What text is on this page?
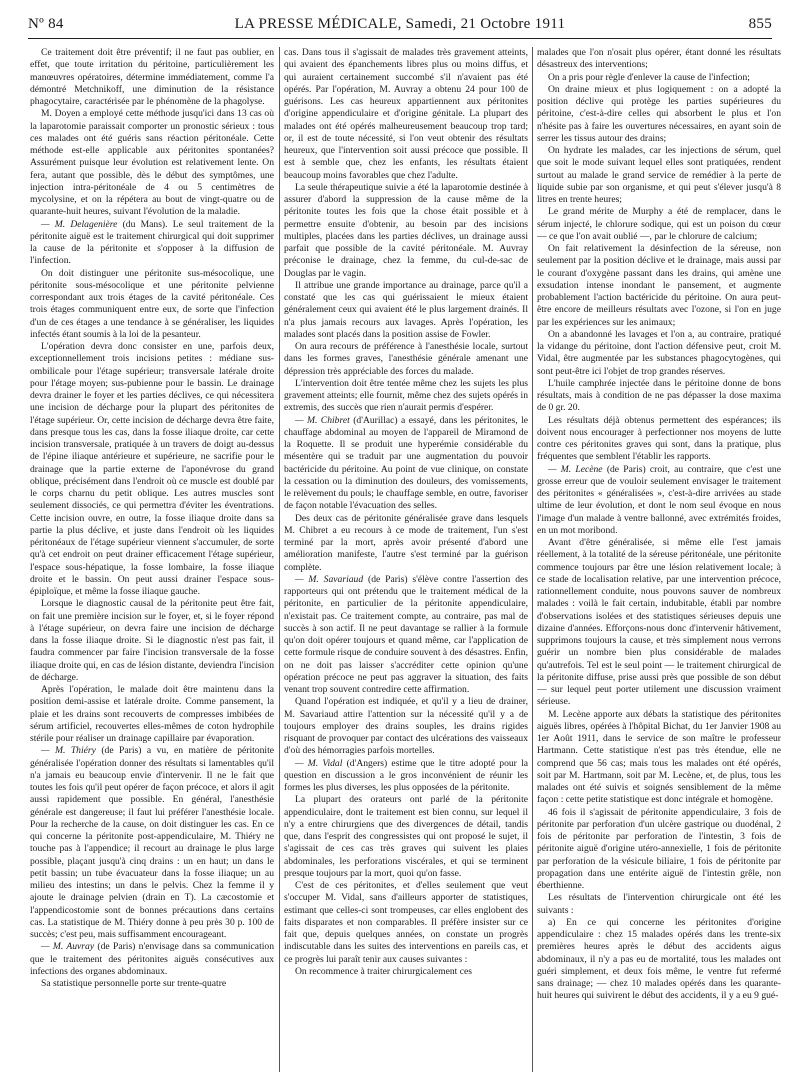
Nº 84	LA PRESSE MÉDICALE, Samedi, 21 Octobre 1911	855

Ce traitement doit être préventif; il ne faut pas oublier, en effet, que toute irritation du péritoine, particulièrement les manœuvres opératoires, détermine immédiatement, comme l'a démontré Metchnikoff, une diminution de la résistance phagocytaire, caractérisée par le phénomène de la phagolyse.

M. Doyen a employé cette méthode jusqu'ici dans 13 cas où la laparotomie paraissait comporter un pronostic sérieux : tous ces malades ont été guéris sans réaction péritonéale. Cette méthode est-elle applicable aux péritonites spontanées? Assurément puisque leur évolution est relativement lente. On fera, autant que possible, dès le début des symptômes, une injection intra-péritonéale de 4 ou 5 centimètres de mycolysine, et on la répétera au bout de vingt-quatre ou de quarante-huit heures, suivant l'évolution de la maladie.

— M. Delagenière (du Mans). Le seul traitement de la péritonite aiguë est le traitement chirurgical qui doit supprimer la cause de la péritonite et s'opposer à la diffusion de l'infection.

On doit distinguer une péritonite sus-mésocolique, une péritonite sous-mésocolique et une péritonite pelvienne correspondant aux trois étages de la cavité péritonéale. Ces trois étages communiquent entre eux, de sorte que l'infection d'un de ces étages a une tendance à se généraliser, les liquides infectés étant soumis à la loi de la pesanteur.

L'opération devra donc consister en une, parfois deux, exceptionnellement trois incisions petites : médiane sus-ombilicale pour l'étage supérieur; transversale latérale droite pour l'étage moyen; sus-pubienne pour le bassin. Le drainage devra drainer le foyer et les parties déclives, ce qui nécessitera une incision de décharge pour la plupart des péritonites de l'étage supérieur. Or, cette incision de décharge devra être faite, dans presque tous les cas, dans la fosse iliaque droite, car cette incision transversale, pratiquée à un travers de doigt au-dessus de l'épine iliaque antérieure et supérieure, ne sacrifie pour le drainage que la partie externe de l'aponévrose du grand oblique, précisément dans l'endroit où ce muscle est doublé par le corps charnu du petit oblique. Les autres muscles sont seulement dissociés, ce qui permettra d'éviter les éventrations. Cette incision ouvre, en outre, la fosse iliaque droite dans sa partie la plus déclive, et juste dans l'endroit où les liquides péritonéaux de l'étage supérieur viennent s'accumuler, de sorte qu'à cet endroit on peut drainer efficacement l'étage supérieur, l'espace sous-hépatique, la fosse lombaire, la fosse iliaque droite et le bassin. On peut aussi drainer l'espace sous-épiploïque, et même la fosse iliaque gauche.

Lorsque le diagnostic causal de la péritonite peut être fait, on fait une première incision sur le foyer, et, si le foyer répond à l'étage supérieur, on devra faire une incision de décharge dans la fosse iliaque droite. Si le diagnostic n'est pas fait, il faudra commencer par faire l'incision transversale de la fosse iliaque droite qui, en cas de lésion distante, deviendra l'incision de décharge.

Après l'opération, le malade doit être maintenu dans la position demi-assise et latérale droite. Comme pansement, la plaie et les drains sont recouverts de compresses imbibées de sérum artificiel, recouvertes elles-mêmes de coton hydrophile stérile pour réaliser un drainage capillaire par évaporation.

— M. Thiéry (de Paris) a vu, en matière de péritonite généralisée l'opération donner des résultats si lamentables qu'il n'a jamais eu beaucoup envie d'intervenir. Il ne le fait que toutes les fois qu'il peut opérer de façon précoce, et alors il agit aussi rapidement que possible. En général, l'anesthésie générale est dangereuse; il faut lui préférer l'anesthésie locale. Pour la recherche de la cause, on doit distinguer les cas. En ce qui concerne la péritonite post-appendiculaire, M. Thiéry ne touche pas à l'appendice; il recourt au drainage le plus large possible, plaçant jusqu'à cinq drains : un en haut; un dans le petit bassin; un tube évacuateur dans la fosse iliaque; un au milieu des intestins; un dans le pelvis. Chez la femme il y ajoute le drainage pelvien (drain en T). La cæcostomie et l'appendicostomie sont de bonnes précautions dans certains cas. La statistique de M. Thiéry donne à peu près 30 p. 100 de succès; c'est peu, mais suffisamment encourageant.

— M. Auvray (de Paris) n'envisage dans sa communication que le traitement des péritonites aiguës consécutives aux infections des organes abdominaux.

Sa statistique personnelle porte sur trente-quatre

cas. Dans tous il s'agissait de malades très gravement atteints, qui avaient des épanchements libres plus ou moins diffus, et qui auraient certainement succombé s'il n'avaient pas été opérés. Par l'opération, M. Auvray a obtenu 24 pour 100 de guérisons. Les cas heureux appartiennent aux péritonites d'origine appendiculaire et d'origine génitale. La plupart des malades ont été opérés malheureusement beaucoup trop tard; or, il est de toute nécessité, si l'on veut obtenir des résultats heureux, que l'intervention soit aussi précoce que possible. Il est à semble que, chez les enfants, les résultats étaient beaucoup moins favorables que chez l'adulte.

La seule thérapeutique suivie a été la laparotomie destinée à assurer d'abord la suppression de la cause même de la péritonite toutes les fois que la chose était possible et à permettre ensuite d'obtenir, au besoin par des incisions multiples, placées dans les parties déclives, un drainage aussi parfait que possible de la cavité péritonéale. M. Auvray préconise le drainage, chez la femme, du cul-de-sac de Douglas par le vagin.

Il attribue une grande importance au drainage, parce qu'il a constaté que les cas qui guérissaient le mieux étaient généralement ceux qui avaient été le plus largement drainés. Il n'a plus jamais recours aux lavages. Après l'opération, les malades sont placés dans la position assise de Fowler.

On aura recours de préférence à l'anesthésie locale, surtout dans les formes graves, l'anesthésie générale amenant une dépression très appréciable des forces du malade.

L'intervention doit être tentée même chez les sujets les plus gravement atteints; elle fournit, même chez des sujets opérés in extremis, des succès que rien n'aurait permis d'espérer.

— M. Chibret (d'Aurillac) a essayé, dans les péritonites, le chauffage abdominal au moyen de l'appareil de Miramond de la Roquette. Il se produit une hyperémie considérable du mésentère qui se traduit par une augmentation du pouvoir bactéricide du péritoine. Au point de vue clinique, on constate la cessation ou la diminution des douleurs, des vomissements, le relèvement du pouls; le chauffage semble, en outre, favoriser de façon notable l'évacuation des selles.

Des deux cas de péritonite généralisée grave dans lesquels M. Chibret a eu recours à ce mode de traitement, l'un s'est terminé par la mort, après avoir présenté d'abord une amélioration manifeste, l'autre s'est terminé par la guérison complète.

— M. Savariaud (de Paris) s'élève contre l'assertion des rapporteurs qui ont prétendu que le traitement médical de la péritonite, en particulier de la péritonite appendiculaire, n'existait pas. Ce traitement compte, au contraire, pas mal de succès à son actif. Il ne peut davantage se rallier à la formule qu'on doit opérer toujours et quand même, car l'application de cette formule risque de conduire souvent à des désastres. Enfin, on ne doit pas laisser s'accréditer cette opinion qu'une opération précoce ne peut pas aggraver la situation, des faits venant trop souvent contredire cette affirmation.

Quand l'opération est indiquée, et qu'il y a lieu de drainer, M. Savariaud attire l'attention sur la nécessité qu'il y a de toujours employer des drains souples, les drains rigides risquant de provoquer par contact des ulcérations des vaisseaux d'où des hémorragies parfois mortelles.

— M. Vidal (d'Angers) estime que le titre adopté pour la question en discussion a le gros inconvénient de réunir les formes les plus diverses, les plus opposées de la péritonite.

La plupart des orateurs ont parlé de la péritonite appendiculaire, dont le traitement est bien connu, sur lequel il n'y a entre chirurgiens que des divergences de détail, tandis que, dans l'esprit des congressistes qui ont proposé le sujet, il s'agissait de ces cas très graves qui suivent les plaies abdominales, les perforations viscérales, et qui se terminent presque toujours par la mort, quoi qu'on fasse.

C'est de ces péritonites, et d'elles seulement que veut s'occuper M. Vidal, sans d'ailleurs apporter de statistiques, estimant que celles-ci sont trompeuses, car elles englobent des faits disparates et non comparables. Il préfère insister sur ce fait que, depuis quelques années, on constate un progrès indiscutable dans les suites des interventions en pareils cas, et ce progrès lui paraît tenir aux causes suivantes :

On recommence à traiter chirurgicalement ces

malades que l'on n'osait plus opérer, étant donné les résultats désastreux des interventions;

On a pris pour règle d'enlever la cause de l'infection;

On draine mieux et plus logiquement : on a adopté la position déclive qui protège les parties supérieures du péritoine, c'est-à-dire celles qui absorbent le plus et l'on n'hésite pas à faire les ouvertures nécessaires, en ayant soin de serrer les tissus autour des drains;

On hydrate les malades, car les injections de sérum, quel que soit le mode suivant lequel elles sont pratiquées, rendent surtout au malade le grand service de remédier à la perte de liquide subie par son organisme, et qui peut s'élever jusqu'à 8 litres en trente heures;

Le grand mérite de Murphy a été de remplacer, dans le sérum injecté, le chlorure sodique, qui est un poison du cœur — ce que l'on avait oublié —, par le chlorure de calcium;

On fait relativement la désinfection de la séreuse, non seulement par la position déclive et le drainage, mais aussi par le courant d'oxygène passant dans les drains, qui amène une exsudation intense inondant le pansement, et augmente probablement l'action bactéricide du péritoine. On aura peut-être encore de meilleurs résultats avec l'ozone, si l'on en juge par les expériences sur les animaux;

On a abandonné les lavages et l'on a, au contraire, pratiqué la vidange du péritoine, dont l'action défensive peut, croit M. Vidal, être augmentée par les substances phagocytogènes, qui sont peut-être ici l'objet de trop grandes réserves.

L'huile camphrée injectée dans le péritoine donne de bons résultats, mais à condition de ne pas dépasser la dose maxima de 0 gr. 20.

Les résultats déjà obtenus permettent des espérances; ils doivent nous encourager à perfectionner nos moyens de lutte contre ces péritonites graves qui sont, dans la pratique, plus fréquentes que semblent l'établir les rapports.

— M. Lecène (de Paris) croit, au contraire, que c'est une grosse erreur que de vouloir seulement envisager le traitement des péritonites « généralisées », c'est-à-dire arrivées au stade ultime de leur évolution, et dont le nom seul évoque en nous l'image d'un malade à ventre ballonné, avec extrémités froides, en un mot moribond.

Avant d'être généralisée, si même elle l'est jamais réellement, à la totalité de la séreuse péritonéale, une péritonite commence toujours par être une lésion relativement locale; à ce stade de localisation relative, par une intervention précoce, rationnellement conduite, nous pouvons sauver de nombreux malades : voilà le fait certain, indubitable, établi par nombre d'observations isolées et des statistiques sérieuses depuis une dizaine d'années. Efforçons-nous donc d'intervenir hâtivement, supprimons toujours la cause, et très simplement nous verrons guérir un nombre bien plus considérable de malades qu'autrefois. Tel est le seul point — le traitement chirurgical de la péritonite diffuse, prise aussi près que possible de son début — sur lequel peut porter utilement une discussion vraiment sérieuse.

M. Lecène apporte aux débats la statistique des péritonites aiguës libres, opérées à l'hôpital Bichat, du 1er Janvier 1908 au 1er Août 1911, dans le service de son maître le professeur Hartmann. Cette statistique n'est pas très étendue, elle ne comprend que 56 cas; mais tous les malades ont été opérés, soit par M. Hartmann, soit par M. Lecène, et, de plus, tous les malades ont été suivis et soignés sensiblement de la même façon : cette petite statistique est donc intégrale et homogène.

46 fois il s'agissait de péritonite appendiculaire, 3 fois de péritonite par perforation d'un ulcère gastrique ou duodénal, 2 fois de péritonite par perforation de l'intestin, 3 fois de péritonite aiguë d'origine utéro-annexielle, 1 fois de péritonite par perforation de la vésicule biliaire, 1 fois de péritonite par propagation dans une entérite aiguë de l'intestin grêle, non éberthienne.

Les résultats de l'intervention chirurgicale ont été les suivants :

a) En ce qui concerne les péritonites d'origine appendiculaire : chez 15 malades opérés dans les trente-six premières heures après le début des accidents aigus abdominaux, il n'y a pas eu de mortalité, tous les malades ont guéri simplement, et deux fois même, le ventre fut refermé sans drainage; — chez 10 malades opérés dans les quarante-huit heures qui suivirent le début des accidents, il y a eu 9 gué-
